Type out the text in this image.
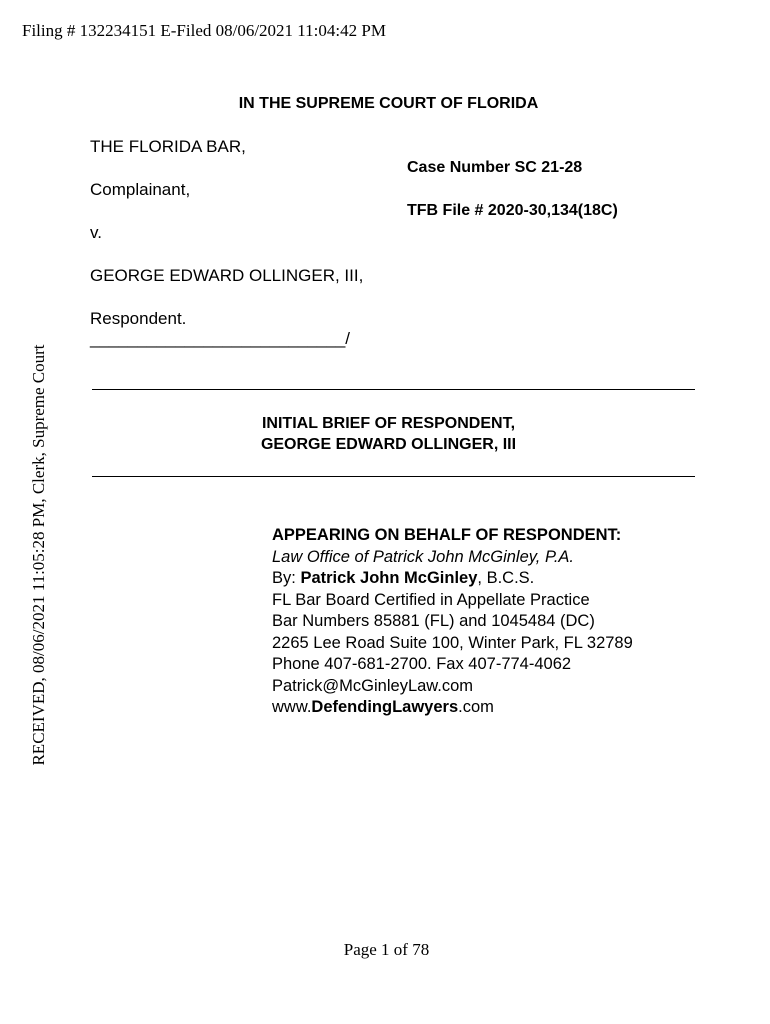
Filing # 132234151 E-Filed 08/06/2021 11:04:42 PM
RECEIVED, 08/06/2021 11:05:28 PM, Clerk, Supreme Court
IN THE SUPREME COURT OF FLORIDA
THE FLORIDA BAR,
Complainant,
v.
GEORGE EDWARD OLLINGER, III,
Respondent.
___________________________/
Case Number SC 21-28
TFB File # 2020-30,134(18C)
INITIAL BRIEF OF RESPONDENT,
GEORGE EDWARD OLLINGER, III
APPEARING ON BEHALF OF RESPONDENT:
Law Office of Patrick John McGinley, P.A.
By: Patrick John McGinley, B.C.S.
FL Bar Board Certified in Appellate Practice
Bar Numbers 85881 (FL) and 1045484 (DC)
2265 Lee Road Suite 100, Winter Park, FL 32789
Phone 407-681-2700. Fax 407-774-4062
Patrick@McGinleyLaw.com
www.DefendingLawyers.com
Page 1 of 78
